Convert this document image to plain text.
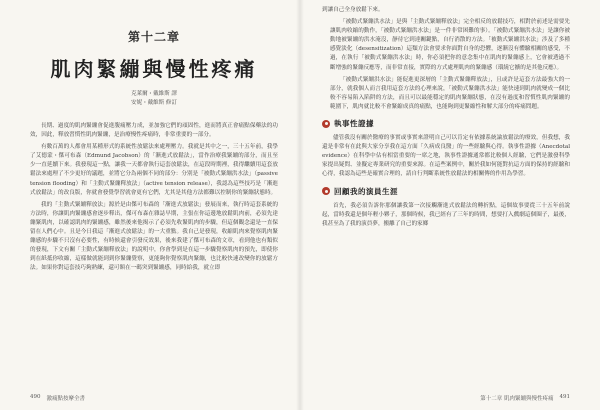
第十二章
肌肉緊繃與慢性疼痛
克萊爾・戴維斯 譯
安妮・戴維斯 修訂

長期、過度的肌肉緊繃會促進腹痛壓力成，並加強它們的頑固性，進而將真正會痛點保藥法的功效，因此，釋放習慣性肌肉緊繃，是治療慢性疼痛時，非常重要的一部分。

有數百萬的人都會用某種形式的系統性放鬆法來處理壓力。我就是其中之一，三十五年前，我學了艾德蒙・傑可布森（Edmund Jacobson）的「漸進式放鬆法」，當作治療我緊繃的部分，而且至少一直延續下來。我發現這一點，讓我一天都會執行這套放鬆法，在這段時期裡，我得繼續用這套放鬆法來處理了不少更好的議題，並將它分為兩個不同的部分：分別是「被動式緊繃洪水法」（passive tension flooding）和「主動式緊繃釋放法」（active tension release），我認為這些技巧是「漸進式放鬆法」的改良版，你就會發覺學習就會更有它們，尤其是其他方法都難以控制你的緊繃狀態時。

我的「主動式緊繃釋放法」源於是由傑可布森的「漸進式放鬆法」發展而來，執行時這套系統的方法時，你讓肌肉緊繃感會逐步釋出，傑可布森在雜誌早期，主張在你這邊地放鬆肌肉前，必須先達繃緊肌肉，以確認肌肉的緊繃感，雖然後來他揭示了必須先收緊肌肉的步驟，但這個觀念還是一直保留在人們心中。且是今日我這「漸進式放鬆法」的一大重點。我自己是發現，收縮肌肉來覺察肌肉緊繃感的步驟不只沒有必要性，有時候還會引發反效果，後來我建了傑可布森的文章，看到他也有類似的發現，下文有關「主動式緊繃釋放法」的說明中，你會學到是在這一步驟覺察肌肉的預先，即使你到在紙抵你收縮，這樣做就能到到你緊繃覺察，更能夠你覺察肌肉緊繃，也比較快速改變你的放鬆方法。如果你對這套技巧夠熟練，還可額在一碼突到緊繃感，同時給我，就立即

490 激痛點按摩全書

到讓自己全身放鬆下來。

「被動式緊繃洪水法」是與「主動式緊繃釋放法」完全相反的放鬆技巧，相對於前述是需要先讓肌肉收縮的動作，「被動式緊繃洪水法」是一件非常困難的事）。「被動式緊繃洪水法」是讓你被動地被緊繃的洪水淹沒，靜待它到達關鍵點，自行消散的方法。「被動式緊繃洪水法」涉及了多種感覺淡化（desensitization）這類方法會要求你面對自身的恐懼，逐漸沒有體驗相關的感受，不過，在執行「被動式緊繃洪水法」時，你必須把你的意念集中在肌肉的緊繃感上，它會被透過不斷增強的緊繃反應等，而非常直接，實際的方式處理肌肉的緊繃感（環繞它擴的是其他反應）。

「被動式緊繃洪水法」能促進更深層的「主動式緊繃釋放法」，且或許是這套方法最強大的一部分，就我個人而言我用這套方法的心理來說，「被動式緊繃洪水法」能快速到肌肉就變成一個比較不容易陷入陷阱的方法，而且可以最能穩定的肌肉緊繃狀態，在沒有過度和習慣性肌肉緊繃的範圍下，肌肉就比較不會緊縮成真的痛點，也能夠到更緊縮性和解大部分的疼痛問題。

執事性證據

儘管我沒有關於醫療的事實或事實來證明自己可以肯定有依據系統論放鬆法的療效，但我想，我還是非常有在此與大家分享我在這方面「久病成良醫」的一些經驗與心得。執事性證據（Anecdotal evidence）在科學中佔有相當重要的一席之地，執事性證據通常都比較個人經驗，它們是激發科學家提出疑問、並擬定專業研究的重要來源。在這些案例中，關於我如何能對抗這方面的保持的經驗和心得，我認為這些是確實合理的，請自行判斷系統性放鬆法的相關傳的作用為學習。

回顧我的演員生涯

首先，我必須告訴你那個讓我第一次接觸漸進式放鬆法的轉折點，這個故事要從三十五年前說起，當時我還是個年輕小夥子，那個時候，我已經有了三年的時間，想要打入戲劇這個圈子，最後，我甚至為了我的演員夢，搬離了自己的家鄉

第十二章 肌肉緊繃與慢性疼痛 491
